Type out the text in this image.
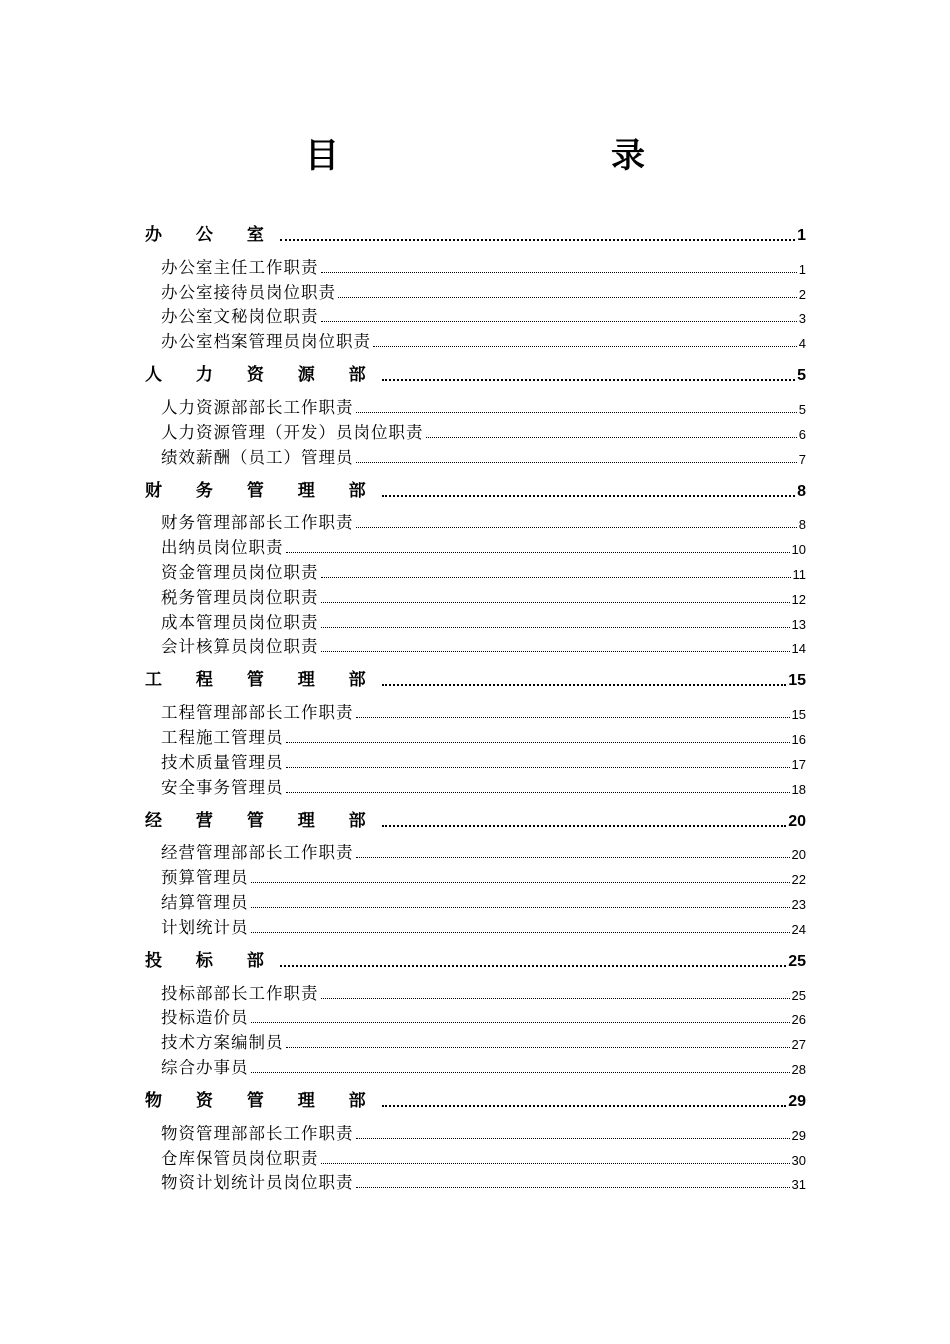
目　　录
办 公 室	1
办公室主任工作职责	1
办公室接待员岗位职责	2
办公室文秘岗位职责	3
办公室档案管理员岗位职责	4
人 力 资 源 部	5
人力资源部部长工作职责	5
人力资源管理（开发）员岗位职责	6
绩效薪酬（员工）管理员	7
财 务 管 理 部	8
财务管理部部长工作职责	8
出纳员岗位职责	10
资金管理员岗位职责	11
税务管理员岗位职责	12
成本管理员岗位职责	13
会计核算员岗位职责	14
工 程 管 理 部	15
工程管理部部长工作职责	15
工程施工管理员	16
技术质量管理员	17
安全事务管理员	18
经 营 管 理 部	20
经营管理部部长工作职责	20
预算管理员	22
结算管理员	23
计划统计员	24
投 标 部	25
投标部部长工作职责	25
投标造价员	26
技术方案编制员	27
综合办事员	28
物 资 管 理 部	29
物资管理部部长工作职责	29
仓库保管员岗位职责	30
物资计划统计员岗位职责	31
